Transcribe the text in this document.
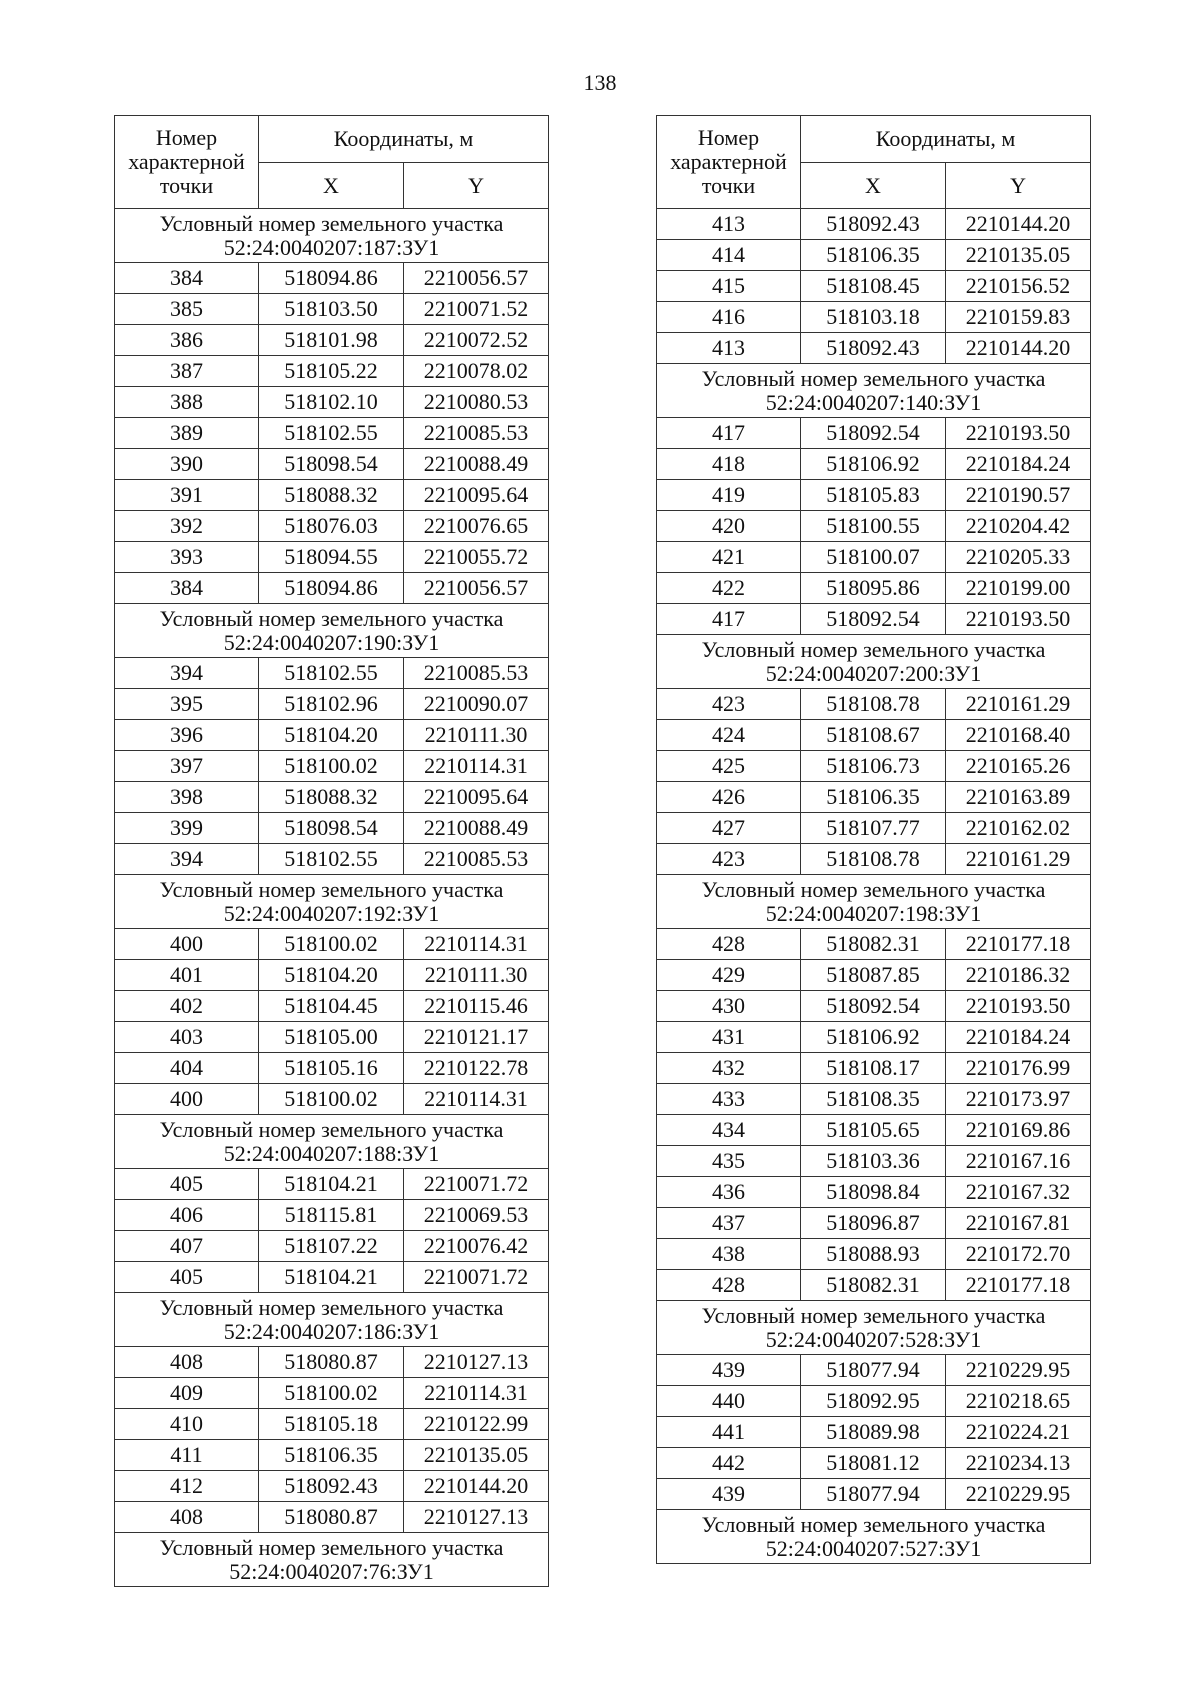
138
Номер характерной точки	Координаты, м	
	X	Y
Условный номер земельного участка 52:24:0040207:187:ЗУ1		
384	518094.86	2210056.57
385	518103.50	2210071.52
386	518101.98	2210072.52
387	518105.22	2210078.02
388	518102.10	2210080.53
389	518102.55	2210085.53
390	518098.54	2210088.49
391	518088.32	2210095.64
392	518076.03	2210076.65
393	518094.55	2210055.72
384	518094.86	2210056.57
Условный номер земельного участка 52:24:0040207:190:ЗУ1		
394	518102.55	2210085.53
395	518102.96	2210090.07
396	518104.20	2210111.30
397	518100.02	2210114.31
398	518088.32	2210095.64
399	518098.54	2210088.49
394	518102.55	2210085.53
Условный номер земельного участка 52:24:0040207:192:ЗУ1		
400	518100.02	2210114.31
401	518104.20	2210111.30
402	518104.45	2210115.46
403	518105.00	2210121.17
404	518105.16	2210122.78
400	518100.02	2210114.31
Условный номер земельного участка 52:24:0040207:188:ЗУ1		
405	518104.21	2210071.72
406	518115.81	2210069.53
407	518107.22	2210076.42
405	518104.21	2210071.72
Условный номер земельного участка 52:24:0040207:186:ЗУ1		
408	518080.87	2210127.13
409	518100.02	2210114.31
410	518105.18	2210122.99
411	518106.35	2210135.05
412	518092.43	2210144.20
408	518080.87	2210127.13
Условный номер земельного участка 52:24:0040207:76:ЗУ1		
Номер характерной точки	Координаты, м	
	X	Y
413	518092.43	2210144.20
414	518106.35	2210135.05
415	518108.45	2210156.52
416	518103.18	2210159.83
413	518092.43	2210144.20
Условный номер земельного участка 52:24:0040207:140:ЗУ1		
417	518092.54	2210193.50
418	518106.92	2210184.24
419	518105.83	2210190.57
420	518100.55	2210204.42
421	518100.07	2210205.33
422	518095.86	2210199.00
417	518092.54	2210193.50
Условный номер земельного участка 52:24:0040207:200:ЗУ1		
423	518108.78	2210161.29
424	518108.67	2210168.40
425	518106.73	2210165.26
426	518106.35	2210163.89
427	518107.77	2210162.02
423	518108.78	2210161.29
Условный номер земельного участка 52:24:0040207:198:ЗУ1		
428	518082.31	2210177.18
429	518087.85	2210186.32
430	518092.54	2210193.50
431	518106.92	2210184.24
432	518108.17	2210176.99
433	518108.35	2210173.97
434	518105.65	2210169.86
435	518103.36	2210167.16
436	518098.84	2210167.32
437	518096.87	2210167.81
438	518088.93	2210172.70
428	518082.31	2210177.18
Условный номер земельного участка 52:24:0040207:528:ЗУ1		
439	518077.94	2210229.95
440	518092.95	2210218.65
441	518089.98	2210224.21
442	518081.12	2210234.13
439	518077.94	2210229.95
Условный номер земельного участка 52:24:0040207:527:ЗУ1		
